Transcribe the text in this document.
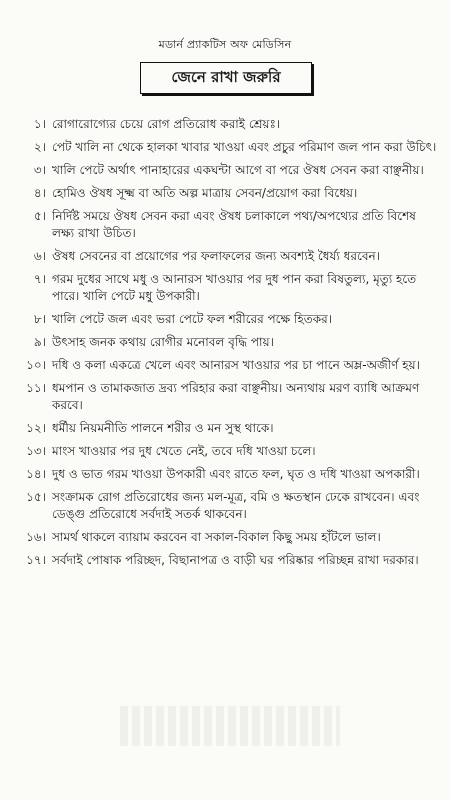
মডার্ন প্র্যাকটিস অফ মেডিসিন
জেনে রাখা জরুরি
১। রোগারোগ্যের চেয়ে রোগ প্রতিরোধ করাই শ্রেয়ঃ।
২। পেট খালি না থেকে হালকা খাবার খাওয়া এবং প্রচুর পরিমাণ জল পান করা উচিৎ।
৩। খালি পেটে অর্থাৎ পানাহারের একঘন্টা আগে বা পরে ঔষধ সেবন করা বাঞ্ছনীয়।
৪। হোমিও ঔষধ সূক্ষ্ম বা অতি অল্প মাত্রায় সেবন/প্রয়োগ করা বিধেয়।
৫। নির্দিষ্ট সময়ে ঔষধ সেবন করা এবং ঔষধ চলাকালে পথ্য/অপথ্যের প্রতি বিশেষ লক্ষ্য রাখা উচিত।
৬। ঔষধ সেবনের বা প্রয়োগের পর ফলাফলের জন্য অবশ্যই ধৈর্য্য ধরবেন।
৭। গরম দুধের সাথে মধু ও আনারস খাওয়ার পর দুধ পান করা বিষতুল্য, মৃত্যু হতে পারে। খালি পেটে মধু উপকারী।
৮। খালি পেটে জল এবং ভরা পেটে ফল শরীরের পক্ষে হিতকর।
৯। উৎসাহ জনক কথায় রোগীর মনোবল বৃদ্ধি পায়।
১০। দধি ও কলা একত্রে খেলে এবং আনারস খাওয়ার পর চা পানে অম্ল-অজীর্ণ হয়।
১১। ধমপান ও তামাকজাত দ্রব্য পরিহার করা বাঞ্ছনীয়। অন্যথায় মরণ ব্যাধি আক্রমণ করবে।
১২। ধর্মীয় নিয়মনীতি পালনে শরীর ও মন সুস্থ থাকে।
১৩। মাংস খাওয়ার পর দুধ খেতে নেই, তবে দধি খাওয়া চলে।
১৪। দুধ ও ভাত গরম খাওয়া উপকারী এবং রাতে ফল, ঘৃত ও দধি খাওয়া অপকারী।
১৫। সংক্রামক রোগ প্রতিরোধের জন্য মল-মূত্র, বমি ও ক্ষতস্থান ঢেকে রাখবেন। এবং ডেঙ্গু প্রতিরোধে সর্বদাই সতর্ক থাকবেন।
১৬। সামর্থ থাকলে ব্যায়াম করবেন বা সকাল-বিকাল কিছু সময় হাঁটলে ভাল।
১৭। সর্বদাই পোষাক পরিচ্ছদ, বিছানাপত্র ও বাড়ী ঘর পরিষ্কার পরিচ্ছন্ন রাখা দরকার।
